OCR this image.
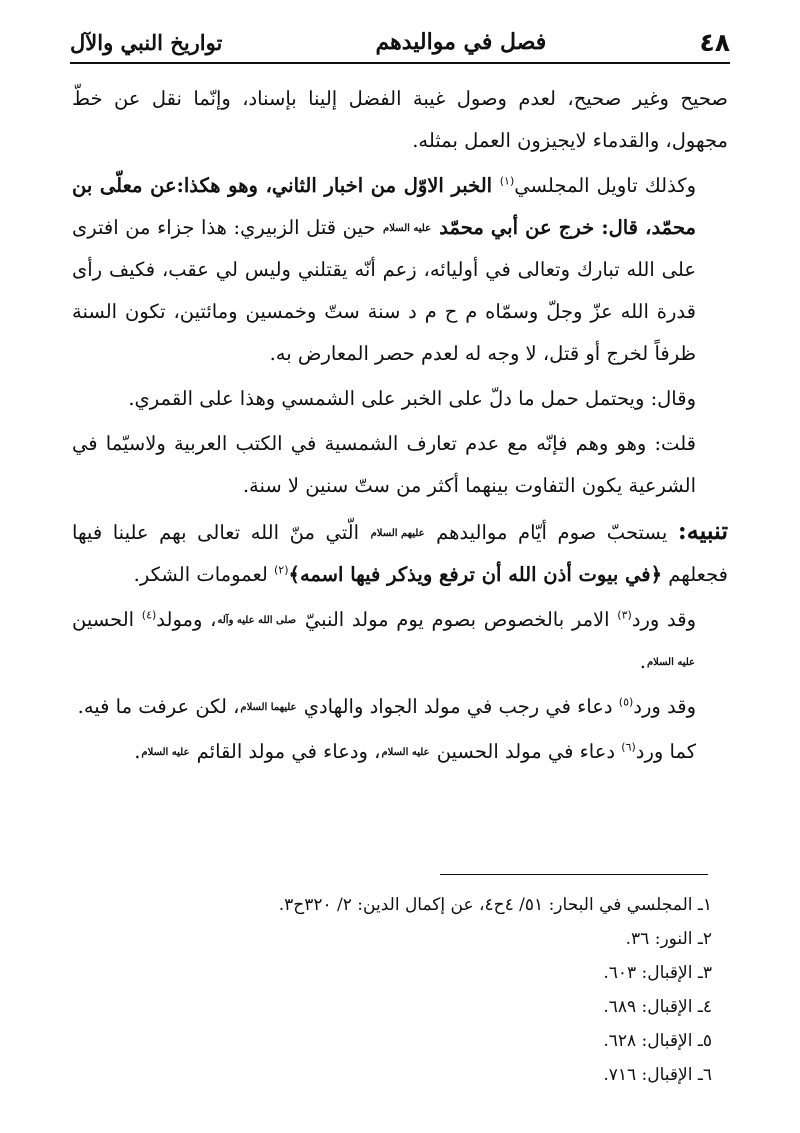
٤٨
فصل في مواليدهم
تواريخ النبي والآل

صحيح وغير صحيح، لعدم وصول غيبة الفضل إلينا بإسناد، وإنّما نقل عن خطّ مجهول، والقدماء لايجيزون العمل بمثله.

وكذلك تاويل المجلسي$^{(١)}$ الخبر الاوّل من اخبار الثاني، وهو هكذا:عن معلّى بن محمّد، قال: خرج عن أبي محمّد عليه السلام حين قتل الزبيري: هذا جزاء من افترى على الله تبارك وتعالى في أوليائه، زعم أنّه يقتلني وليس لي عقب، فكيف رأى قدرة الله عزّ وجلّ وسمّاه م ح م د سنة ستّ وخمسين ومائتين، تكون السنة ظرفاً لخرج أو قتل، لا وجه له لعدم حصر المعارض به.

وقال: ويحتمل حمل ما دلّ على الخبر على الشمسي وهذا على القمري.

قلت: وهو وهم فإنّه مع عدم تعارف الشمسية في الكتب العربية ولاسيّما في الشرعية يكون التفاوت بينهما أكثر من ستّ سنين لا سنة.

تنبيه: يستحبّ صوم أيّام مواليدهم عليهم السلام الّتي منّ الله تعالى بهم علينا فيها فجعلهم ﴿في بيوت أذن الله أن ترفع ويذكر فيها اسمه﴾$^{(٢)}$ لعمومات الشكر.

وقد ورد$^{(٣)}$ الامر بالخصوص بصوم يوم مولد النبيّ صلى الله عليه وآله، ومولد$^{(٤)}$ الحسينعليه السلام.

وقد ورد$^{(٥)}$ دعاء في رجب في مولد الجواد والهادي عليهما السلام، لكن عرفت ما فيه.

كما ورد$^{(٦)}$ دعاء في مولد الحسين عليه السلام، ودعاء في مولد القائم عليه السلام.

١ـ المجلسي في البحار: ٥١/ ٤ح٤، عن إكمال الدين: ٢/ ٣٢٠ح٣.

٢ـ النور: ٣٦.

٣ـ الإقبال: ٦٠٣.

٤ـ الإقبال: ٦٨٩.

٥ـ الإقبال: ٦٢٨.

٦ـ الإقبال: ٧١٦.
